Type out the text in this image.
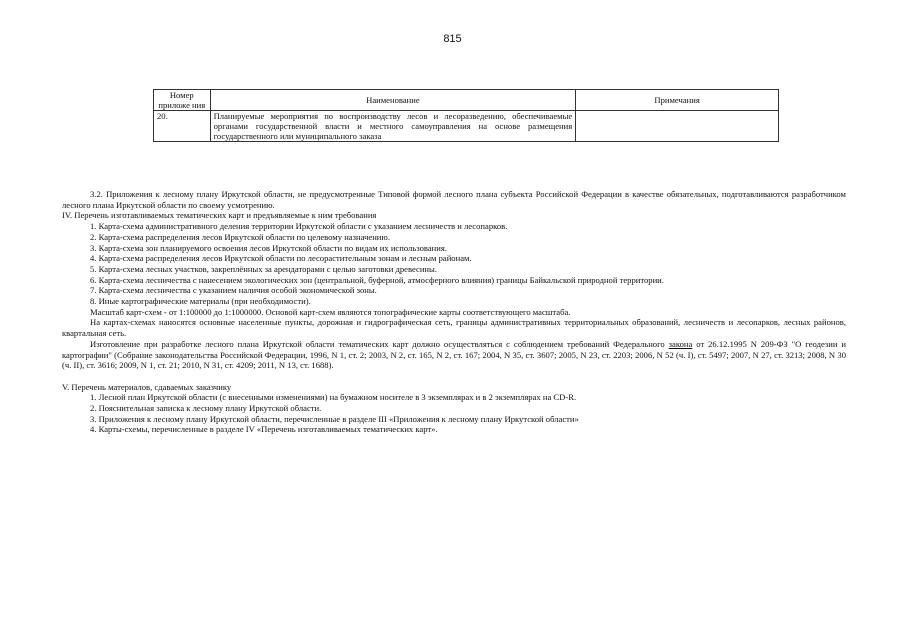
815
Номер приложе ния	Наименование	Примечания
20.	Планируемые мероприятия по воспроизводству лесов и лесоразведению, обеспечиваемые органами государственной власти и местного самоуправления на основе размещения государственного или муниципального заказа	

3.2. Приложения к лесному плану Иркутской области, не предусмотренные Типовой формой лесного плана субъекта Российской Федерации в качестве обязательных, подготавливаются разработчиком лесного плана Иркутской области по своему усмотрению.

IV. Перечень изготавливаемых тематических карт и предъявляемые к ним требования

1. Карта-схема административного деления территории Иркутской области с указанием лесничеств и лесопарков.

2. Карта-схема распределения лесов Иркутской области по целевому назначению.

3. Карта-схема зон планируемого освоения лесов Иркутской области по видам их использования.

4. Карта-схема распределения лесов Иркутской области по лесорастительным зонам и лесным районам.

5. Карта-схема лесных участков, закреплённых за арендаторами с целью заготовки древесины.

6. Карта-схема лесничества с нанесением экологических зон (центральной, буферной, атмосферного влияния) границы Байкальской природной территории.

7. Карта-схема лесничества с указанием наличия особой экономической зоны.

8. Иные картографические материалы (при необходимости).

Масштаб карт-схем - от 1:100000 до 1:1000000. Основой карт-схем являются топографические карты соответствующего масштаба.

На картах-схемах наносятся основные населенные пункты, дорожная и гидрографическая сеть, границы административных территориальных образований, лесничеств и лесопарков, лесных районов, квартальная сеть.

Изготовление при разработке лесного плана Иркутской области тематических карт должно осуществляться с соблюдением требований Федерального закона от 26.12.1995 N 209-ФЗ "О геодезии и картографии" (Собрание законодательства Российской Федерации, 1996, N 1, ст. 2; 2003, N 2, ст. 165, N 2, ст. 167; 2004, N 35, ст. 3607; 2005, N 23, ст. 2203; 2006, N 52 (ч. I), ст. 5497; 2007, N 27, ст. 3213; 2008, N 30 (ч. II), ст. 3616; 2009, N 1, ст. 21; 2010, N 31, ст. 4209; 2011, N 13, ст. 1688).

V. Перечень материалов, сдаваемых заказчику

1. Лесной план Иркутской области (с внесенными изменениями) на бумажном носителе в 3 экземплярах и в 2 экземплярах на CD-R.

2. Пояснительная записка к лесному плану Иркутской области.

3. Приложения к лесному плану Иркутской области, перечисленные в разделе III «Приложения к лесному плану Иркутской области»

4. Карты-схемы, перечисленные в разделе IV «Перечень изготавливаемых тематических карт».
